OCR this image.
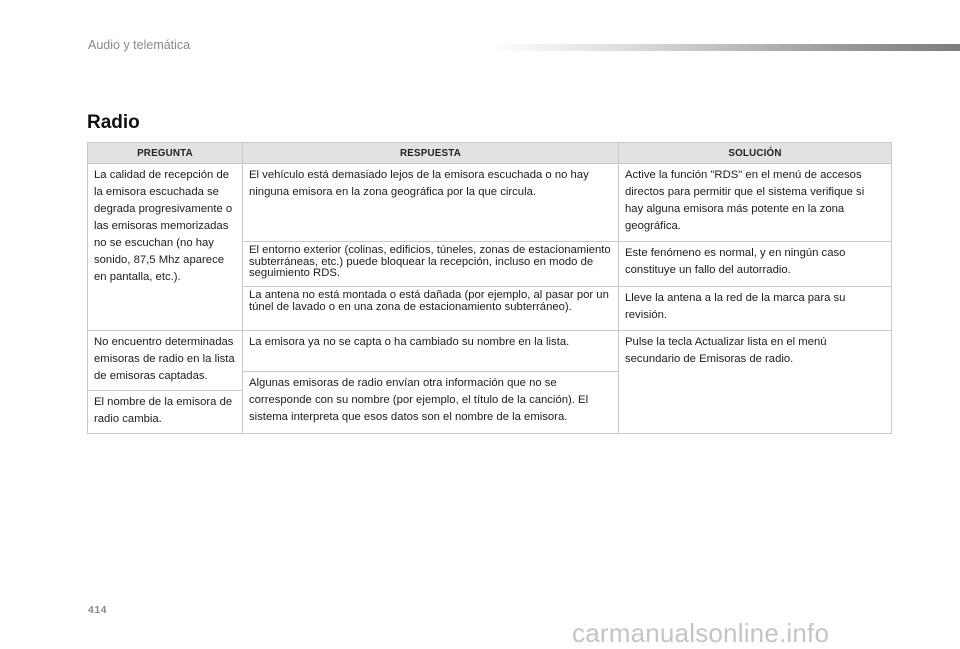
Audio y telemática
Radio
PREGUNTA	RESPUESTA	SOLUCIÓN
La calidad de recepción de la emisora escuchada se degrada progresivamente o las emisoras memorizadas no se escuchan (no hay sonido, 87,5 Mhz aparece en pantalla, etc.).	El vehículo está demasiado lejos de la emisora escuchada o no hay ninguna emisora en la zona geográfica por la que circula.	Active la función "RDS" en el menú de accesos directos para permitir que el sistema verifique si hay alguna emisora más potente en la zona geográfica.
	El entorno exterior (colinas, edificios, túneles, zonas de estacionamiento subterráneas, etc.) puede bloquear la recepción, incluso en modo de seguimiento RDS.	Este fenómeno es normal, y en ningún caso constituye un fallo del autorradio.
	La antena no está montada o está dañada (por ejemplo, al pasar por un túnel de lavado o en una zona de estacionamiento subterráneo).	Lleve la antena a la red de la marca para su revisión.
No encuentro determinadas emisoras de radio en la lista de emisoras captadas.	La emisora ya no se capta o ha cambiado su nombre en la lista.	Pulse la tecla Actualizar lista en el menú secundario de Emisoras de radio.
	Algunas emisoras de radio envían otra información que no se corresponde con su nombre (por ejemplo, el título de la canción). El sistema interpreta que esos datos son el nombre de la emisora.	
El nombre de la emisora de radio cambia.		
414
carmanualsonline.info
